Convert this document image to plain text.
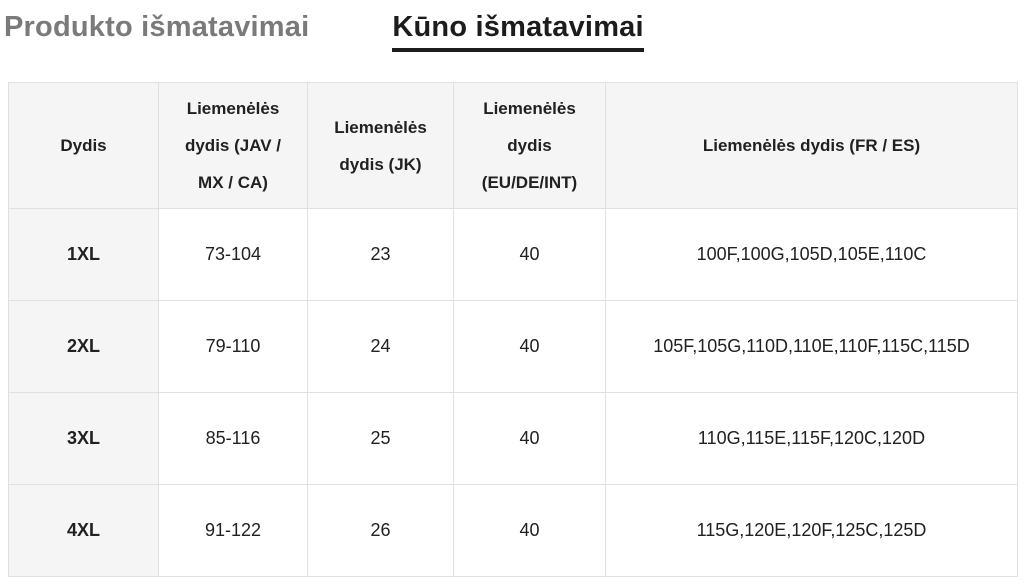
Produkto išmatavimai	Kūno išmatavimai
Dydis	Liemenėlės dydis (JAV / MX / CA)	Liemenėlės dydis (JK)	Liemenėlės dydis (EU/DE/INT)	Liemenėlės dydis (FR / ES)
1XL	73-104	23	40	100F,100G,105D,105E,110C
2XL	79-110	24	40	105F,105G,110D,110E,110F,115C,115D
3XL	85-116	25	40	110G,115E,115F,120C,120D
4XL	91-122	26	40	115G,120E,120F,125C,125D
